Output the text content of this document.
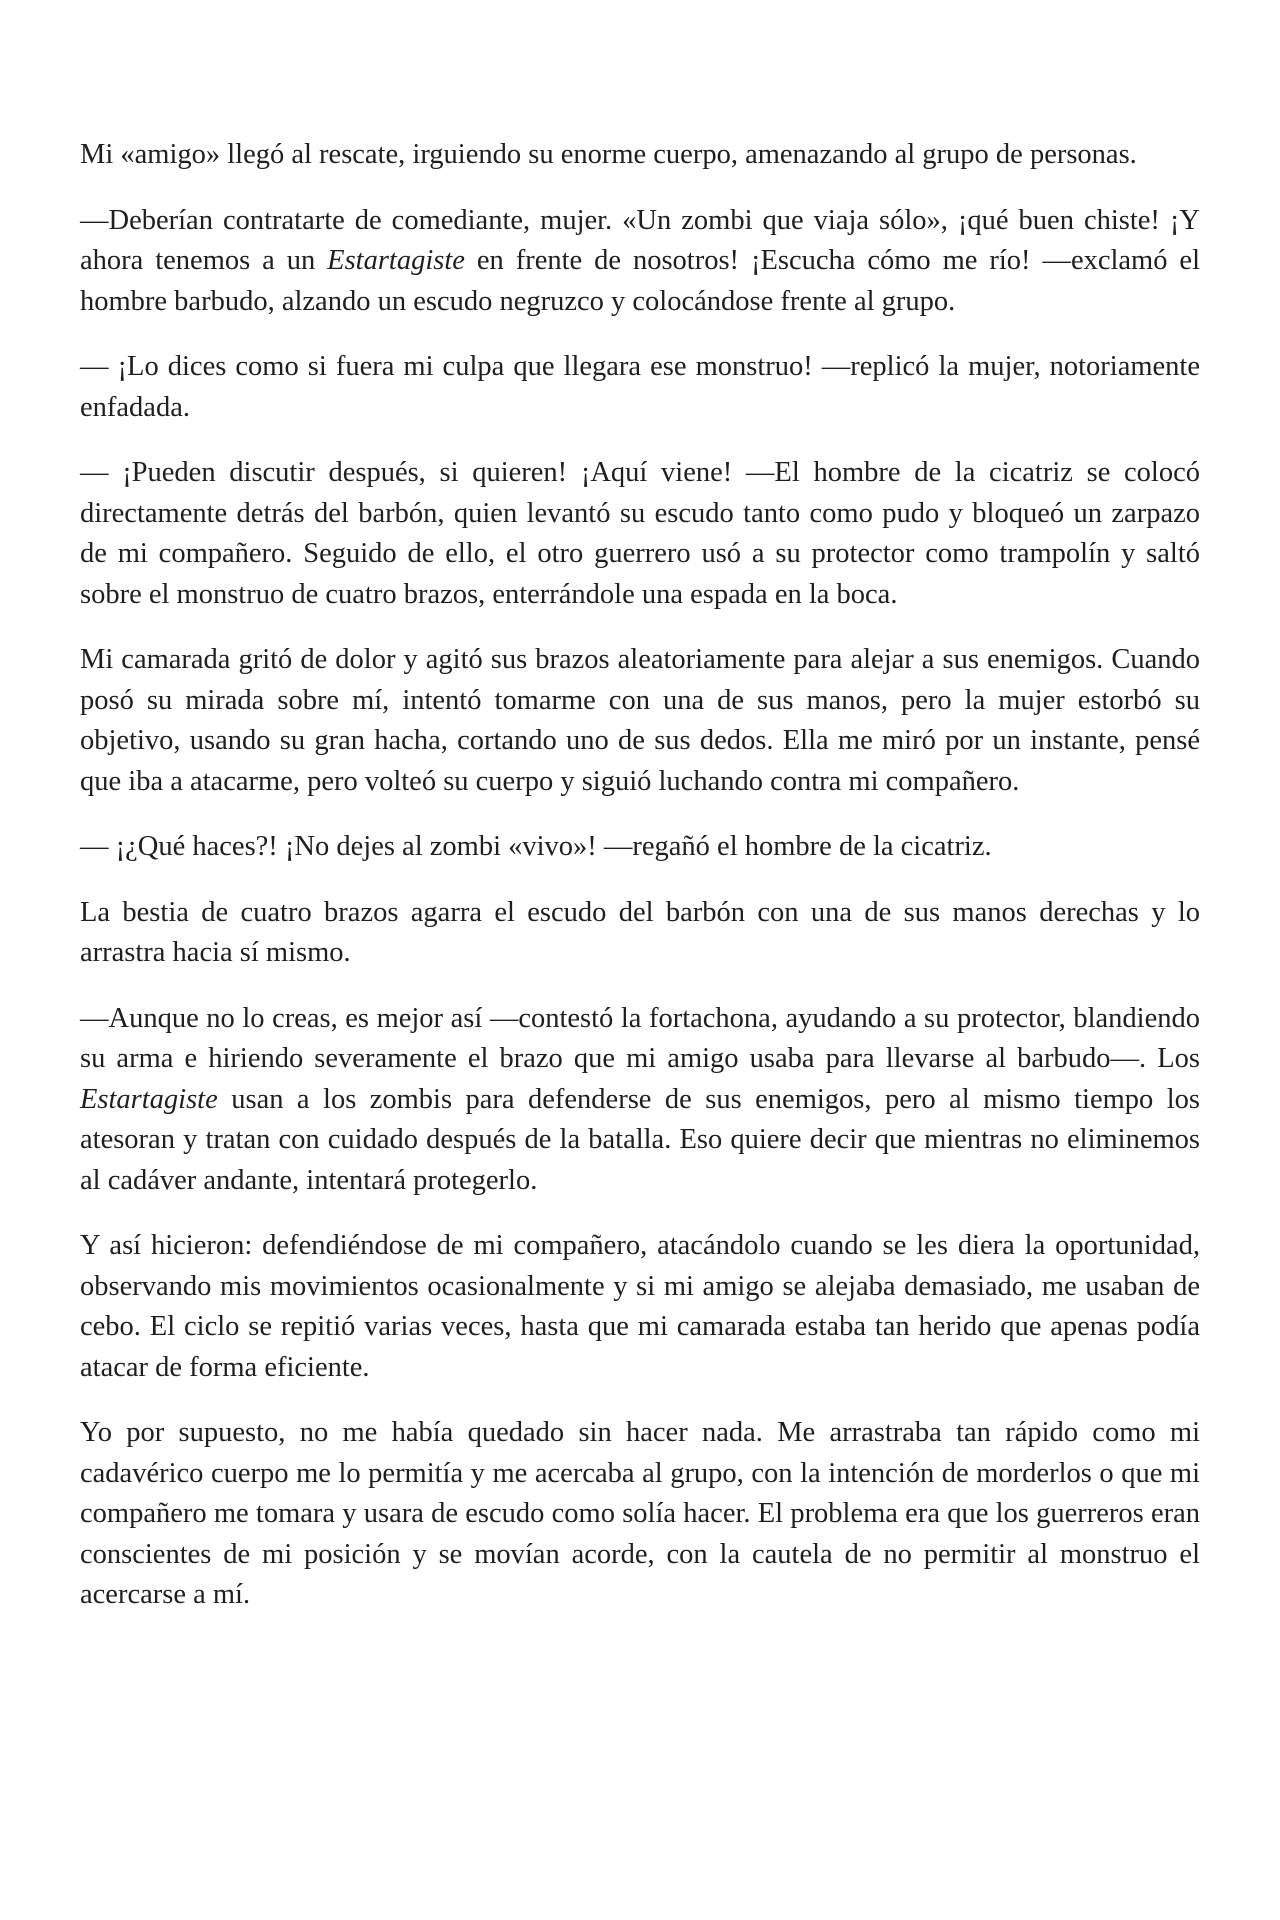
Mi «amigo» llegó al rescate, irguiendo su enorme cuerpo, amenazando al grupo de personas.

—Deberían contratarte de comediante, mujer. «Un zombi que viaja sólo», ¡qué buen chiste! ¡Y ahora tenemos a un Estartagiste en frente de nosotros! ¡Escucha cómo me río! —exclamó el hombre barbudo, alzando un escudo negruzco y colocándose frente al grupo.

— ¡Lo dices como si fuera mi culpa que llegara ese monstruo! —replicó la mujer, notoriamente enfadada.

— ¡Pueden discutir después, si quieren! ¡Aquí viene! —El hombre de la cicatriz se colocó directamente detrás del barbón, quien levantó su escudo tanto como pudo y bloqueó un zarpazo de mi compañero. Seguido de ello, el otro guerrero usó a su protector como trampolín y saltó sobre el monstruo de cuatro brazos, enterrándole una espada en la boca.

Mi camarada gritó de dolor y agitó sus brazos aleatoriamente para alejar a sus enemigos. Cuando posó su mirada sobre mí, intentó tomarme con una de sus manos, pero la mujer estorbó su objetivo, usando su gran hacha, cortando uno de sus dedos. Ella me miró por un instante, pensé que iba a atacarme, pero volteó su cuerpo y siguió luchando contra mi compañero.

— ¡¿Qué haces?! ¡No dejes al zombi «vivo»! —regañó el hombre de la cicatriz.

La bestia de cuatro brazos agarra el escudo del barbón con una de sus manos derechas y lo arrastra hacia sí mismo.

—Aunque no lo creas, es mejor así —contestó la fortachona, ayudando a su protector, blandiendo su arma e hiriendo severamente el brazo que mi amigo usaba para llevarse al barbudo—. Los Estartagiste usan a los zombis para defenderse de sus enemigos, pero al mismo tiempo los atesoran y tratan con cuidado después de la batalla. Eso quiere decir que mientras no eliminemos al cadáver andante, intentará protegerlo.

Y así hicieron: defendiéndose de mi compañero, atacándolo cuando se les diera la oportunidad, observando mis movimientos ocasionalmente y si mi amigo se alejaba demasiado, me usaban de cebo. El ciclo se repitió varias veces, hasta que mi camarada estaba tan herido que apenas podía atacar de forma eficiente.

Yo por supuesto, no me había quedado sin hacer nada. Me arrastraba tan rápido como mi cadavérico cuerpo me lo permitía y me acercaba al grupo, con la intención de morderlos o que mi compañero me tomara y usara de escudo como solía hacer. El problema era que los guerreros eran conscientes de mi posición y se movían acorde, con la cautela de no permitir al monstruo el acercarse a mí.
